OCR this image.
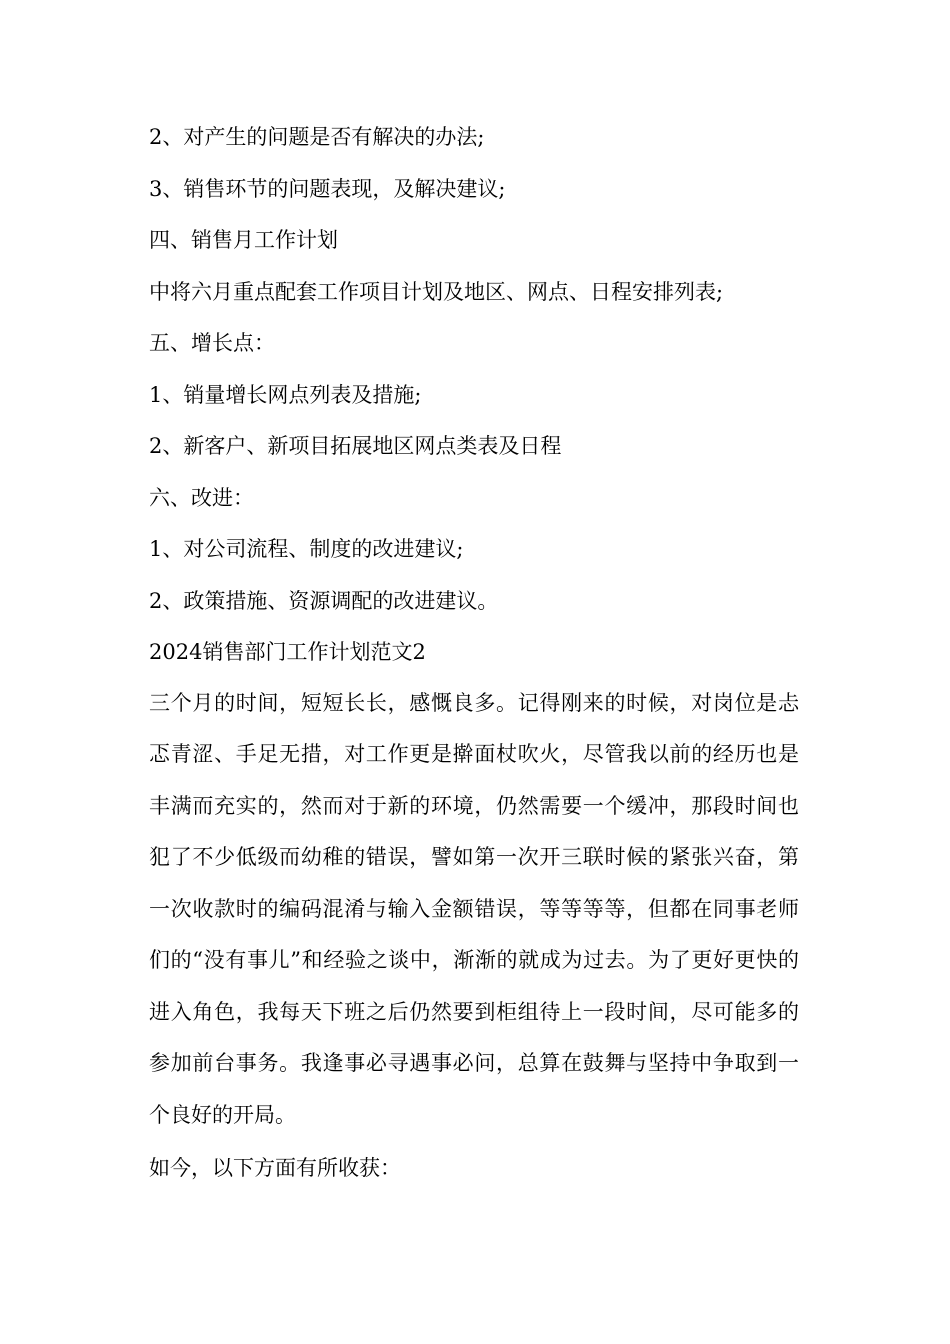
2、对产生的问题是否有解决的办法;
3、销售环节的问题表现，及解决建议;
四、销售月工作计划
中将六月重点配套工作项目计划及地区、网点、日程安排列表;
五、增长点：
1、销量增长网点列表及措施;
2、新客户、新项目拓展地区网点类表及日程
六、改进：
1、对公司流程、制度的改进建议;
2、政策措施、资源调配的改进建议。
2024销售部门工作计划范文2
三个月的时间，短短长长，感慨良多。记得刚来的时候，对岗位是忐忑青涩、手足无措，对工作更是擀面杖吹火，尽管我以前的经历也是丰满而充实的，然而对于新的环境，仍然需要一个缓冲，那段时间也犯了不少低级而幼稚的错误，譬如第一次开三联时候的紧张兴奋，第一次收款时的编码混淆与输入金额错误，等等等等，但都在同事老师们的“没有事儿”和经验之谈中，渐渐的就成为过去。为了更好更快的进入角色，我每天下班之后仍然要到柜组待上一段时间，尽可能多的参加前台事务。我逢事必寻遇事必问，总算在鼓舞与坚持中争取到一个良好的开局。
如今，以下方面有所收获：
